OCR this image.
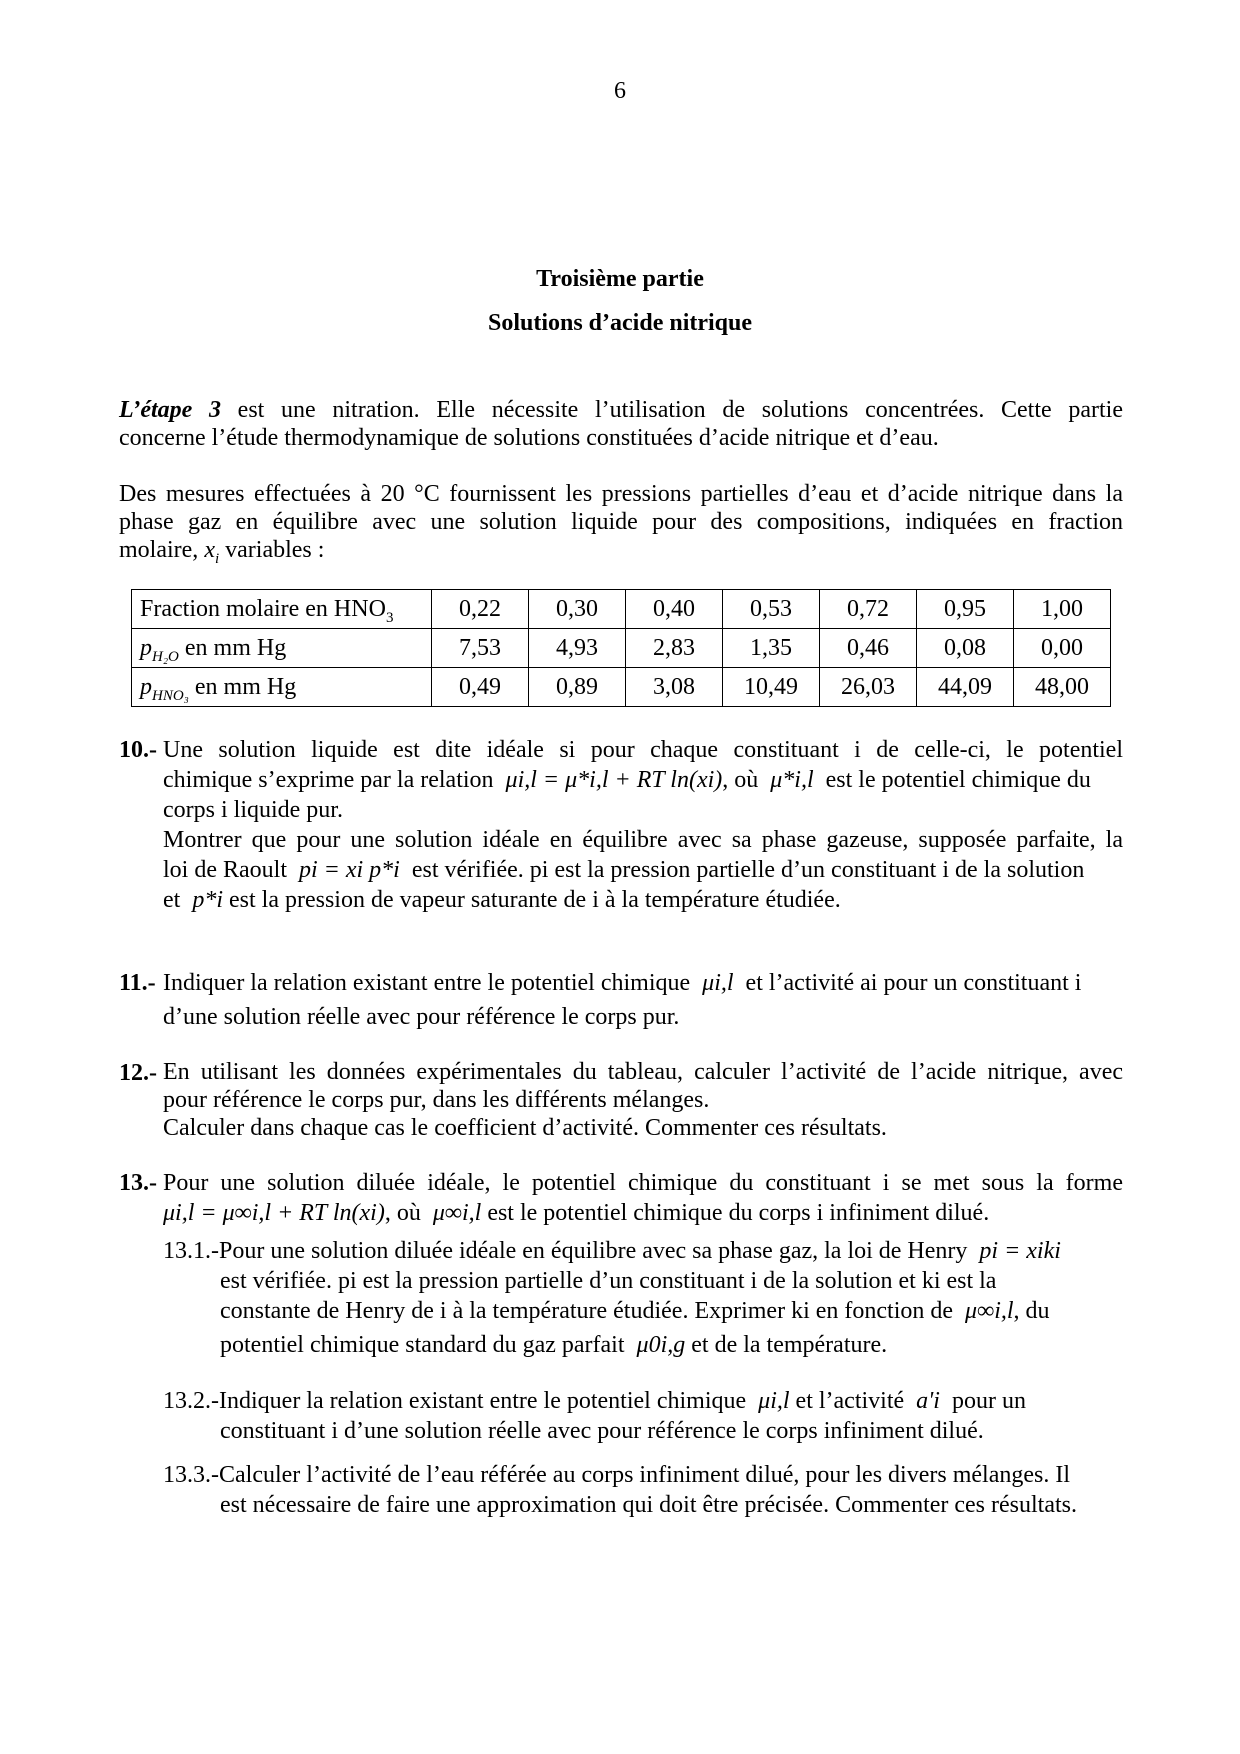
6
Troisième partie
Solutions d’acide nitrique
L’étape 3 est une nitration. Elle nécessite l’utilisation de solutions concentrées. Cette partie
concerne l’étude thermodynamique de solutions constituées d’acide nitrique et d’eau.
Des mesures effectuées à 20 °C fournissent les pressions partielles d’eau et d’acide nitrique dans la
phase gaz en équilibre avec une solution liquide pour des compositions, indiquées en fraction
molaire, $x_i$ variables :
Fraction molaire en $HNO_3$	0,22	0,30	0,40	0,53	0,72	0,95	1,00
$p_{H_2O}$ en mm Hg	7,53	4,93	2,83	1,35	0,46	0,08	0,00
$p_{HNO_3}$ en mm Hg	0,49	0,89	3,08	10,49	26,03	44,09	48,00
10.- Une solution liquide est dite idéale si pour chaque constituant i de celle-ci, le potentiel
chimique s’exprime par la relation μi,l = μ*i,l + RT ln(xi), où μ*i,l est le potentiel chimique du
corps i liquide pur.
Montrer que pour une solution idéale en équilibre avec sa phase gazeuse, supposée parfaite, la
loi de Raoult pi = xi p*i est vérifiée. pi est la pression partielle d’un constituant i de la solution
et p*i est la pression de vapeur saturante de i à la température étudiée.
11.- Indiquer la relation existant entre le potentiel chimique μi,l et l’activité ai pour un constituant i
d’une solution réelle avec pour référence le corps pur.
12.- En utilisant les données expérimentales du tableau, calculer l’activité de l’acide nitrique, avec
pour référence le corps pur, dans les différents mélanges.
Calculer dans chaque cas le coefficient d’activité. Commenter ces résultats.
13.- Pour une solution diluée idéale, le potentiel chimique du constituant i se met sous la forme
μi,l = μ∞i,l + RT ln(xi), où μ∞i,l est le potentiel chimique du corps i infiniment dilué.
13.1.-Pour une solution diluée idéale en équilibre avec sa phase gaz, la loi de Henry pi = xiki
est vérifiée. pi est la pression partielle d’un constituant i de la solution et ki est la
constante de Henry de i à la température étudiée. Exprimer ki en fonction de μ∞i,l, du
potentiel chimique standard du gaz parfait μ0i,g et de la température.
13.2.-Indiquer la relation existant entre le potentiel chimique μi,l et l’activité a'i pour un
constituant i d’une solution réelle avec pour référence le corps infiniment dilué.
13.3.-Calculer l’activité de l’eau référée au corps infiniment dilué, pour les divers mélanges. Il
est nécessaire de faire une approximation qui doit être précisée. Commenter ces résultats.
